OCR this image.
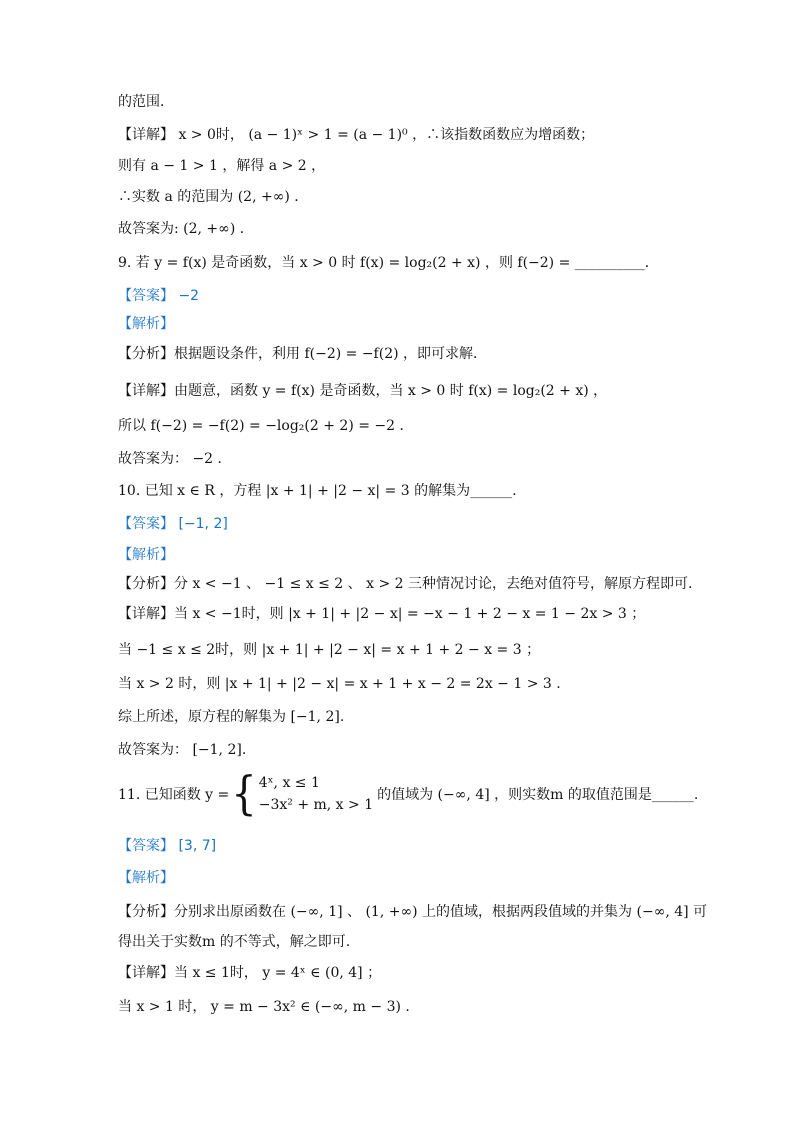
的范围．
【详解】 x > 0时， (a − 1)ˣ > 1 = (a − 1)⁰ ，∴该指数函数应为增函数；
则有 a − 1 > 1 ，解得 a > 2 ，
∴实数 a 的范围为 (2, +∞) ．
故答案为: (2, +∞) ．
9. 若 y = f(x) 是奇函数，当 x > 0 时 f(x) = log₂(2 + x) ，则 f(−2) = __________．
【答案】 −2
【解析】
【分析】根据题设条件，利用 f(−2) = −f(2) ，即可求解．
【详解】由题意，函数 y = f(x) 是奇函数，当 x > 0 时 f(x) = log₂(2 + x) ，
所以 f(−2) = −f(2) = −log₂(2 + 2) = −2 ．
故答案为： −2 ．
10. 已知 x ∈ R ，方程 |x + 1| + |2 − x| = 3 的解集为______.
【答案】 [−1, 2]
【解析】
【分析】分 x < −1 、 −1 ≤ x ≤ 2 、 x > 2 三种情况讨论，去绝对值符号，解原方程即可.
【详解】当 x < −1时，则 |x + 1| + |2 − x| = −x − 1 + 2 − x = 1 − 2x > 3 ；
当 −1 ≤ x ≤ 2时，则 |x + 1| + |2 − x| = x + 1 + 2 − x = 3 ；
当 x > 2 时，则 |x + 1| + |2 − x| = x + 1 + x − 2 = 2x − 1 > 3 .
综上所述，原方程的解集为 [−1, 2].
故答案为： [−1, 2].
11. 已知函数 y = { 4ˣ, x ≤ 1
−3x² + m, x > 1
的值域为 (−∞, 4] ，则实数m 的取值范围是______.
【答案】 [3, 7]
【解析】
【分析】分别求出原函数在 (−∞, 1] 、 (1, +∞) 上的值域，根据两段值域的并集为 (−∞, 4] 可
得出关于实数m 的不等式，解之即可.
【详解】当 x ≤ 1时， y = 4ˣ ∈ (0, 4] ；
当 x > 1 时， y = m − 3x² ∈ (−∞, m − 3) .
